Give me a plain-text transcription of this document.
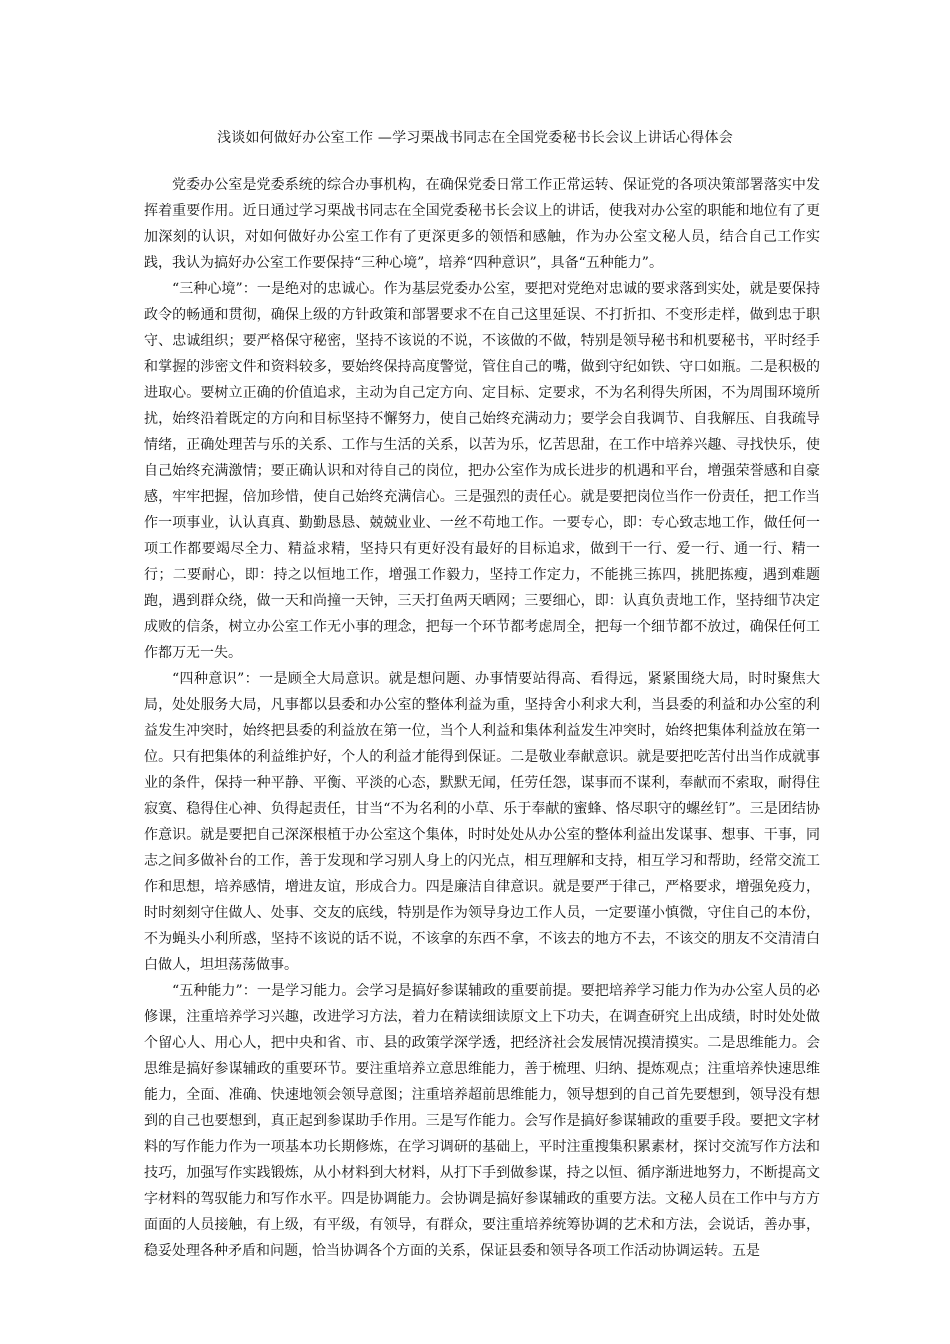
浅谈如何做好办公室工作 —学习栗战书同志在全国党委秘书长会议上讲话心得体会

党委办公室是党委系统的综合办事机构，在确保党委日常工作正常运转、保证党的各项决策部署落实中发挥着重要作用。近日通过学习栗战书同志在全国党委秘书长会议上的讲话，使我对办公室的职能和地位有了更加深刻的认识，对如何做好办公室工作有了更深更多的领悟和感触，作为办公室文秘人员，结合自己工作实践，我认为搞好办公室工作要保持“三种心境”，培养“四种意识”，具备“五种能力”。

“三种心境”：一是绝对的忠诚心。作为基层党委办公室，要把对党绝对忠诚的要求落到实处，就是要保持政令的畅通和贯彻，确保上级的方针政策和部署要求不在自己这里延误、不打折扣、不变形走样，做到忠于职守、忠诚组织；要严格保守秘密，坚持不该说的不说，不该做的不做，特别是领导秘书和机要秘书，平时经手和掌握的涉密文件和资料较多，要始终保持高度警觉，管住自己的嘴，做到守纪如铁、守口如瓶。二是积极的进取心。要树立正确的价值追求，主动为自己定方向、定目标、定要求，不为名利得失所困，不为周围环境所扰，始终沿着既定的方向和目标坚持不懈努力，使自己始终充满动力；要学会自我调节、自我解压、自我疏导情绪，正确处理苦与乐的关系、工作与生活的关系，以苦为乐，忆苦思甜，在工作中培养兴趣、寻找快乐，使自己始终充满激情；要正确认识和对待自己的岗位，把办公室作为成长进步的机遇和平台，增强荣誉感和自豪感，牢牢把握，倍加珍惜，使自己始终充满信心。三是强烈的责任心。就是要把岗位当作一份责任，把工作当作一项事业，认认真真、勤勤恳恳、兢兢业业、一丝不苟地工作。一要专心，即：专心致志地工作，做任何一项工作都要竭尽全力、精益求精，坚持只有更好没有最好的目标追求，做到干一行、爱一行、通一行、精一行；二要耐心，即：持之以恒地工作，增强工作毅力，坚持工作定力，不能挑三拣四，挑肥拣瘦，遇到难题跑，遇到群众绕，做一天和尚撞一天钟，三天打鱼两天晒网；三要细心，即：认真负责地工作，坚持细节决定成败的信条，树立办公室工作无小事的理念，把每一个环节都考虑周全，把每一个细节都不放过，确保任何工作都万无一失。

“四种意识”：一是顾全大局意识。就是想问题、办事情要站得高、看得远，紧紧围绕大局，时时聚焦大局，处处服务大局，凡事都以县委和办公室的整体利益为重，坚持舍小利求大利，当县委的利益和办公室的利益发生冲突时，始终把县委的利益放在第一位，当个人利益和集体利益发生冲突时，始终把集体利益放在第一位。只有把集体的利益维护好，个人的利益才能得到保证。二是敬业奉献意识。就是要把吃苦付出当作成就事业的条件，保持一种平静、平衡、平淡的心态，默默无闻，任劳任怨，谋事而不谋利，奉献而不索取，耐得住寂寞、稳得住心神、负得起责任，甘当“不为名利的小草、乐于奉献的蜜蜂、恪尽职守的螺丝钉”。三是团结协作意识。就是要把自己深深根植于办公室这个集体，时时处处从办公室的整体利益出发谋事、想事、干事，同志之间多做补台的工作，善于发现和学习别人身上的闪光点，相互理解和支持，相互学习和帮助，经常交流工作和思想，培养感情，增进友谊，形成合力。四是廉洁自律意识。就是要严于律己，严格要求，增强免疫力，时时刻刻守住做人、处事、交友的底线，特别是作为领导身边工作人员，一定要谨小慎微，守住自己的本份，不为蝇头小利所惑，坚持不该说的话不说，不该拿的东西不拿，不该去的地方不去，不该交的朋友不交清清白白做人，坦坦荡荡做事。

“五种能力”：一是学习能力。会学习是搞好参谋辅政的重要前提。要把培养学习能力作为办公室人员的必修课，注重培养学习兴趣，改进学习方法，着力在精读细读原文上下功夫，在调查研究上出成绩，时时处处做个留心人、用心人，把中央和省、市、县的政策学深学透，把经济社会发展情况摸清摸实。二是思维能力。会思维是搞好参谋辅政的重要环节。要注重培养立意思维能力，善于梳理、归纳、提炼观点；注重培养快速思维能力，全面、准确、快速地领会领导意图；注重培养超前思维能力，领导想到的自己首先要想到，领导没有想到的自己也要想到，真正起到参谋助手作用。三是写作能力。会写作是搞好参谋辅政的重要手段。要把文字材料的写作能力作为一项基本功长期修炼，在学习调研的基础上，平时注重搜集积累素材，探讨交流写作方法和技巧，加强写作实践锻炼，从小材料到大材料，从打下手到做参谋，持之以恒、循序渐进地努力，不断提高文字材料的驾驭能力和写作水平。四是协调能力。会协调是搞好参谋辅政的重要方法。文秘人员在工作中与方方面面的人员接触，有上级，有平级，有领导，有群众，要注重培养统筹协调的艺术和方法，会说话，善办事，稳妥处理各种矛盾和问题，恰当协调各个方面的关系，保证县委和领导各项工作活动协调运转。五是
